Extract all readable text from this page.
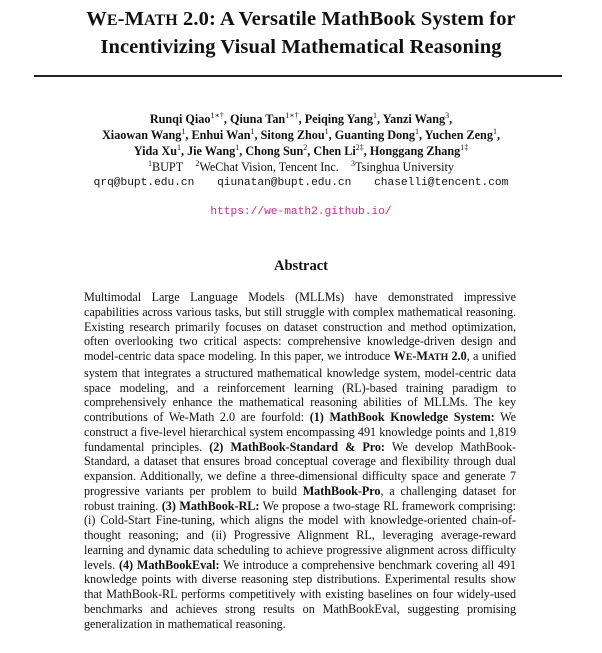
WE-MATH 2.0: A Versatile MathBook System for
Incentivizing Visual Mathematical Reasoning
Runqi Qiao$^{1∗\dagger}$, Qiuna Tan$^{1∗\dagger}$, Peiqing Yang$^1$, Yanzi Wang$^3$,
Xiaowan Wang$^1$, Enhui Wan$^1$, Sitong Zhou$^1$, Guanting Dong$^1$, Yuchen Zeng$^1$,
Yida Xu$^1$, Jie Wang$^1$, Chong Sun$^2$, Chen $Li^{2\ddagger}$, Honggang Zhang$^{1\ddagger}$
$^1$BUPT $^2$WeChat Vision, Tencent Inc. $^3$Tsinghua University
qrq@bupt.edu.cn qiunatan@bupt.edu.cn chaselli@tencent.com
https://we-math2.github.io/
Abstract
Multimodal Large Language Models (MLLMs) have demonstrated impressive capabilities across various tasks, but still struggle with complex mathematical reasoning. Existing research primarily focuses on dataset construction and method optimization, often overlooking two critical aspects: comprehensive knowledge-driven design and model-centric data space modeling. In this paper, we introduce WE-MATH 2.0, a unified system that integrates a structured mathematical knowledge system, model-centric data space modeling, and a reinforcement learning (RL)-based training paradigm to comprehensively enhance the mathematical reasoning abilities of MLLMs. The key contributions of We-Math 2.0 are fourfold: (1) MathBook Knowledge System: We construct a five-level hierarchical system encompassing 491 knowledge points and 1,819 fundamental principles. (2) MathBook-Standard & Pro: We develop MathBook-Standard, a dataset that ensures broad conceptual coverage and flexibility through dual expansion. Additionally, we define a three-dimensional difficulty space and generate 7 progressive variants per problem to build MathBook-Pro, a challenging dataset for robust training. (3) MathBook-RL: We propose a two-stage RL framework comprising: (i) Cold-Start Fine-tuning, which aligns the model with knowledge-oriented chain-of-thought reasoning; and (ii) Progressive Alignment RL, leveraging average-reward learning and dynamic data scheduling to achieve progressive alignment across difficulty levels. (4) MathBookEval: We introduce a comprehensive benchmark covering all 491 knowledge points with diverse reasoning step distributions. Experimental results show that MathBook-RL performs competitively with existing baselines on four widely-used benchmarks and achieves strong results on MathBookEval, suggesting promising generalization in mathematical reasoning.
